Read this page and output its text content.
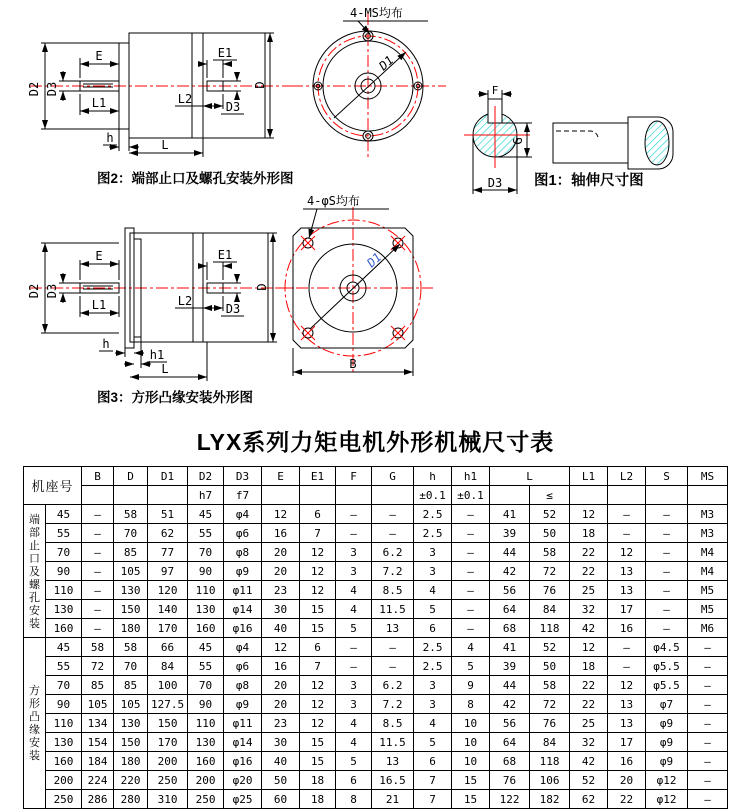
E
D2 D3
L1
E1
L2
D3
D
h	L
D1
4-MS均布
图2：端部止口及螺孔安装外形图
F
G
D3 图1：轴伸尺寸图
E
D2 D3
L1
E1
L2
D3
D
h
h1
L
D1
4-φS均布
B
图3：方形凸缘安装外形图
LYX系列力矩电机外形机械尺寸表
机座号		B	D	D1	D2	D3	E	E1	F	G	h	h1	L		L1	L2	S	MS
					h7	f7					±0.1	±0.1		≤				
端部止口及螺孔安装	45	–	58	51	45	φ4	12	6	–	–	2.5	–	41	52	12	–	–	M3
	55	–	70	62	55	φ6	16	7	–	–	2.5	–	39	50	18	–	–	M3
	70	–	85	77	70	φ8	20	12	3	6.2	3	–	44	58	22	12	–	M4
	90	–	105	97	90	φ9	20	12	3	7.2	3	–	42	72	22	13	–	M4
	110	–	130	120	110	φ11	23	12	4	8.5	4	–	56	76	25	13	–	M5
	130	–	150	140	130	φ14	30	15	4	11.5	5	–	64	84	32	17	–	M5
	160	–	180	170	160	φ16	40	15	5	13	6	–	68	118	42	16	–	M6
方形凸缘安装	45	58	58	66	45	φ4	12	6	–	–	2.5	4	41	52	12	–	φ4.5	–
	55	72	70	84	55	φ6	16	7	–	–	2.5	5	39	50	18	–	φ5.5	–
	70	85	85	100	70	φ8	20	12	3	6.2	3	9	44	58	22	12	φ5.5	–
	90	105	105	127.5	90	φ9	20	12	3	7.2	3	8	42	72	22	13	φ7	–
	110	134	130	150	110	φ11	23	12	4	8.5	4	10	56	76	25	13	φ9	–
	130	154	150	170	130	φ14	30	15	4	11.5	5	10	64	84	32	17	φ9	–
	160	184	180	200	160	φ16	40	15	5	13	6	10	68	118	42	16	φ9	–
	200	224	220	250	200	φ20	50	18	6	16.5	7	15	76	106	52	20	φ12	–
	250	286	280	310	250	φ25	60	18	8	21	7	15	122	182	62	22	φ12	–
